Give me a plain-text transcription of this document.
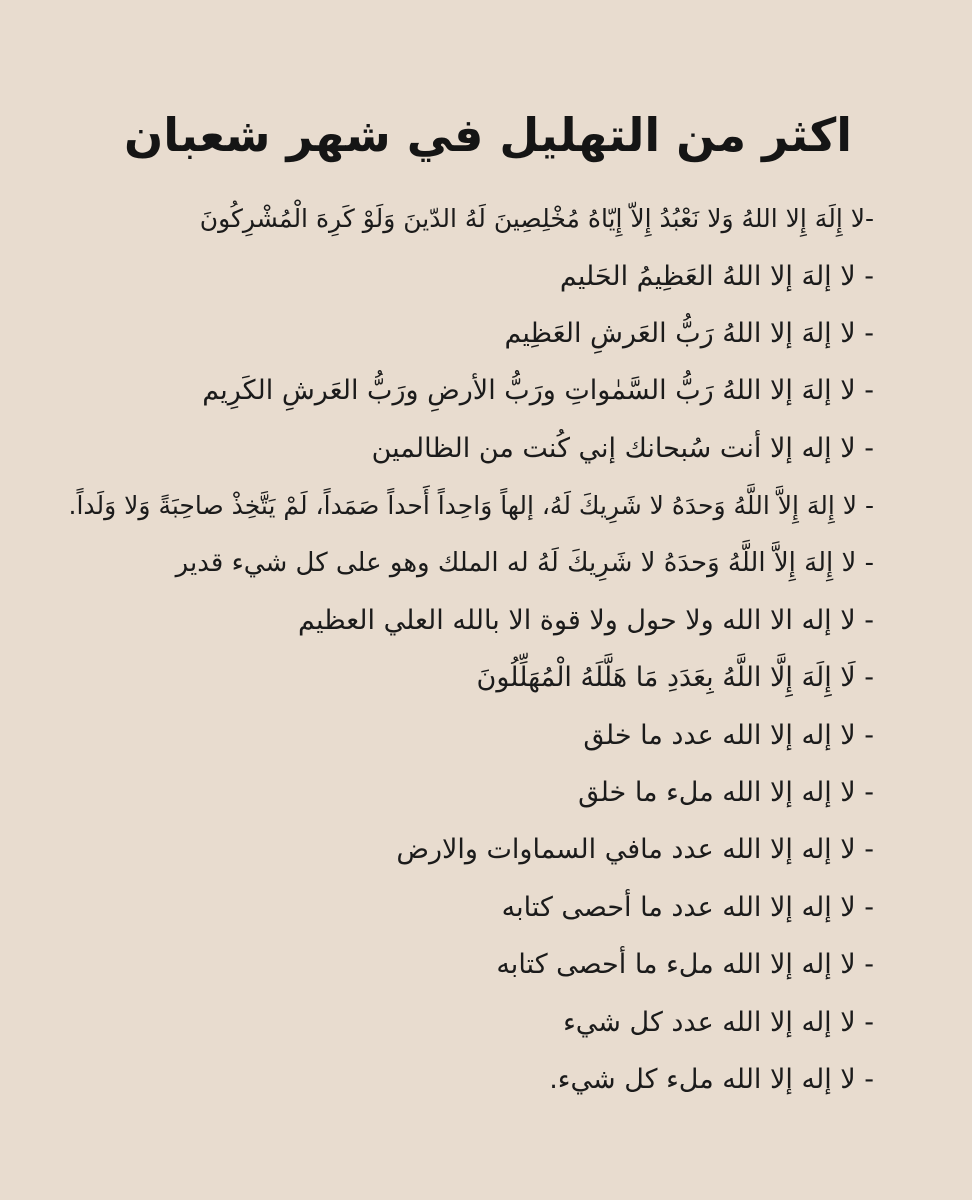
اكثر من التهليل في شهر شعبان
-لا إِلَهَ إِلا اللهُ وَلا نَعْبُدُ إِلاّ إِيّاهُ مُخْلِصِينَ لَهُ الدّينَ وَلَوْ كَرِهَ الْمُشْرِكُونَ
- لا إلهَ إلا اللهُ العَظِيمُ الحَليم
- لا إلهَ إلا اللهُ رَبُّ العَرشِ العَظِيم
- لا إلهَ إلا اللهُ رَبُّ السَّمٰواتِ ورَبُّ الأرضِ ورَبُّ العَرشِ الكَرِيم
- لا إله إلا أنت سُبحانك إني كُنت من الظالمين
- لا إِلهَ إِلاَّ اللَّهُ وَحدَهُ لا شَرِيكَ لَهُ، إلهاً وَاحِداً أَحداً صَمَداً، لَمْ يَتَّخِذْ صاحِبَةً وَلا وَلَداً.
- لا إِلهَ إِلاَّ اللَّهُ وَحدَهُ لا شَرِيكَ لَهُ له الملك وهو على كل شيء قدير
- لا إله الا الله ولا حول ولا قوة الا بالله العلي العظيم
- لَا إِلَهَ إِلَّا اللَّهُ بِعَدَدِ مَا هَلَّلَهُ الْمُهَلِّلُونَ
- لا إله إلا الله عدد ما خلق
- لا إله إلا الله ملء ما خلق
- لا إله إلا الله عدد مافي السماوات والارض
- لا إله إلا الله عدد ما أحصى كتابه
- لا إله إلا الله ملء ما أحصى كتابه
- لا إله إلا الله عدد كل شيء
- لا إله إلا الله ملء كل شيء.
